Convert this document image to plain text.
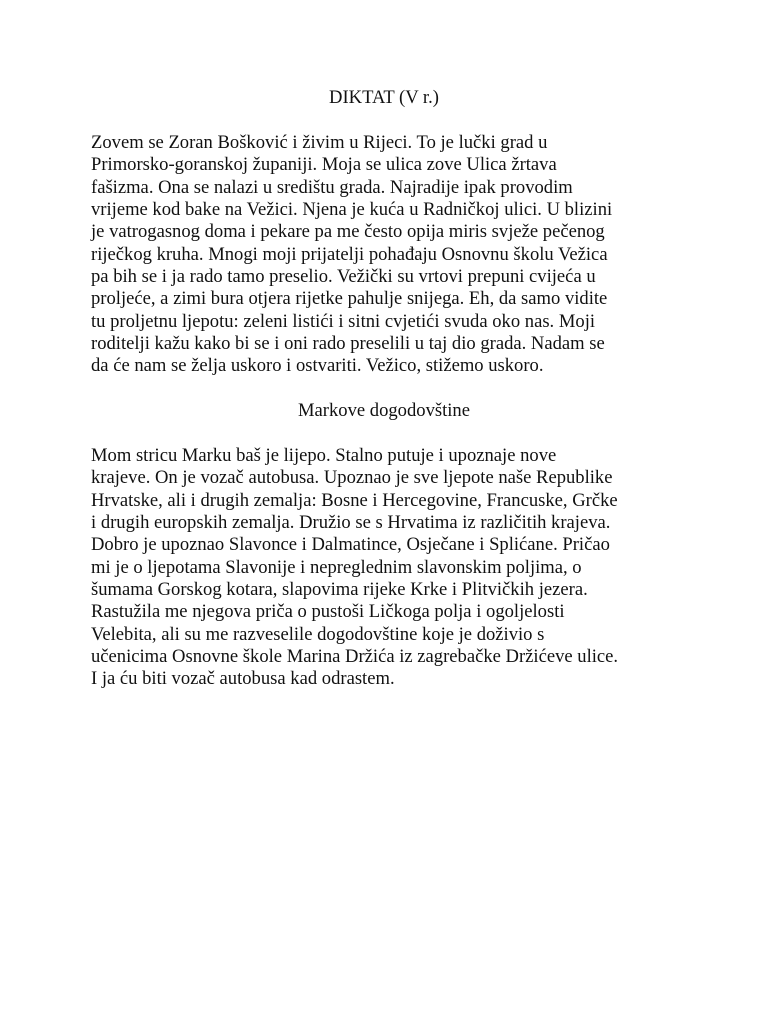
DIKTAT (V r.)
Zovem se Zoran Bošković i živim u Rijeci. To je lučki grad u
Primorsko-goranskoj županiji. Moja se ulica zove Ulica žrtava
fašizma. Ona se nalazi u središtu grada. Najradije ipak provodim
vrijeme kod bake na Vežici. Njena je kuća u Radničkoj ulici. U blizini
je vatrogasnog doma i pekare pa me često opija miris svježe pečenog
riječkog kruha. Mnogi moji prijatelji pohađaju Osnovnu školu Vežica
pa bih se i ja rado tamo preselio. Vežički su vrtovi prepuni cvijeća u
proljeće, a zimi bura otjera rijetke pahulje snijega. Eh, da samo vidite
tu proljetnu ljepotu: zeleni listići i sitni cvjetići svuda oko nas. Moji
roditelji kažu kako bi se i oni rado preselili u taj dio grada. Nadam se
da će nam se želja uskoro i ostvariti. Vežico, stižemo uskoro.
Markove dogodovštine
Mom stricu Marku baš je lijepo. Stalno putuje i upoznaje nove
krajeve. On je vozač autobusa. Upoznao je sve ljepote naše Republike
Hrvatske, ali i drugih zemalja: Bosne i Hercegovine, Francuske, Grčke
i drugih europskih zemalja. Družio se s Hrvatima iz različitih krajeva.
Dobro je upoznao Slavonce i Dalmatince, Osječane i Splićane. Pričao
mi je o ljepotama Slavonije i nepreglednim slavonskim poljima, o
šumama Gorskog kotara, slapovima rijeke Krke i Plitvičkih jezera.
Rastužila me njegova priča o pustoši Ličkoga polja i ogoljelosti
Velebita, ali su me razveselile dogodovštine koje je doživio s
učenicima Osnovne škole Marina Držića iz zagrebačke Držićeve ulice.
I ja ću biti vozač autobusa kad odrastem.
